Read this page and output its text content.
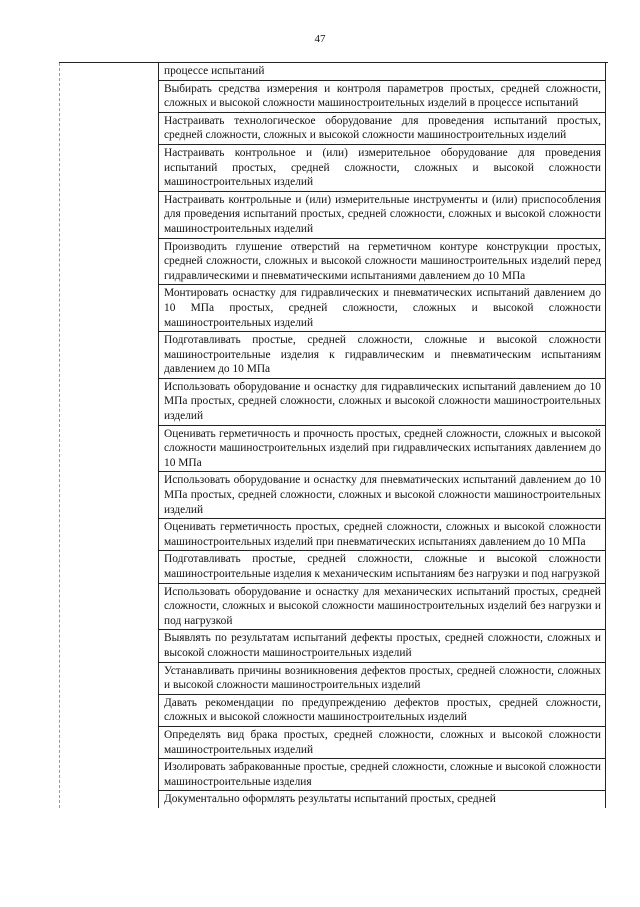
47
процессе испытаний
Выбирать средства измерения и контроля параметров простых, средней сложности, сложных и высокой сложности машиностроительных изделий в процессе испытаний
Настраивать технологическое оборудование для проведения испытаний простых, средней сложности, сложных и высокой сложности машиностроительных изделий
Настраивать контрольное и (или) измерительное оборудование для проведения испытаний простых, средней сложности, сложных и высокой сложности машиностроительных изделий
Настраивать контрольные и (или) измерительные инструменты и (или) приспособления для проведения испытаний простых, средней сложности, сложных и высокой сложности машиностроительных изделий
Производить глушение отверстий на герметичном контуре конструкции простых, средней сложности, сложных и высокой сложности машиностроительных изделий перед гидравлическими и пневматическими испытаниями давлением до 10 МПа
Монтировать оснастку для гидравлических и пневматических испытаний давлением до 10 МПа простых, средней сложности, сложных и высокой сложности машиностроительных изделий
Подготавливать простые, средней сложности, сложные и высокой сложности машиностроительные изделия к гидравлическим и пневматическим испытаниям давлением до 10 МПа
Использовать оборудование и оснастку для гидравлических испытаний давлением до 10 МПа простых, средней сложности, сложных и высокой сложности машиностроительных изделий
Оценивать герметичность и прочность простых, средней сложности, сложных и высокой сложности машиностроительных изделий при гидравлических испытаниях давлением до 10 МПа
Использовать оборудование и оснастку для пневматических испытаний давлением до 10 МПа простых, средней сложности, сложных и высокой сложности машиностроительных изделий
Оценивать герметичность простых, средней сложности, сложных и высокой сложности машиностроительных изделий при пневматических испытаниях давлением до 10 МПа
Подготавливать простые, средней сложности, сложные и высокой сложности машиностроительные изделия к механическим испытаниям без нагрузки и под нагрузкой
Использовать оборудование и оснастку для механических испытаний простых, средней сложности, сложных и высокой сложности машиностроительных изделий без нагрузки и под нагрузкой
Выявлять по результатам испытаний дефекты простых, средней сложности, сложных и высокой сложности машиностроительных изделий
Устанавливать причины возникновения дефектов простых, средней сложности, сложных и высокой сложности машиностроительных изделий
Давать рекомендации по предупреждению дефектов простых, средней сложности, сложных и высокой сложности машиностроительных изделий
Определять вид брака простых, средней сложности, сложных и высокой сложности машиностроительных изделий
Изолировать забракованные простые, средней сложности, сложные и высокой сложности машиностроительные изделия
Документально оформлять результаты испытаний простых, средней
